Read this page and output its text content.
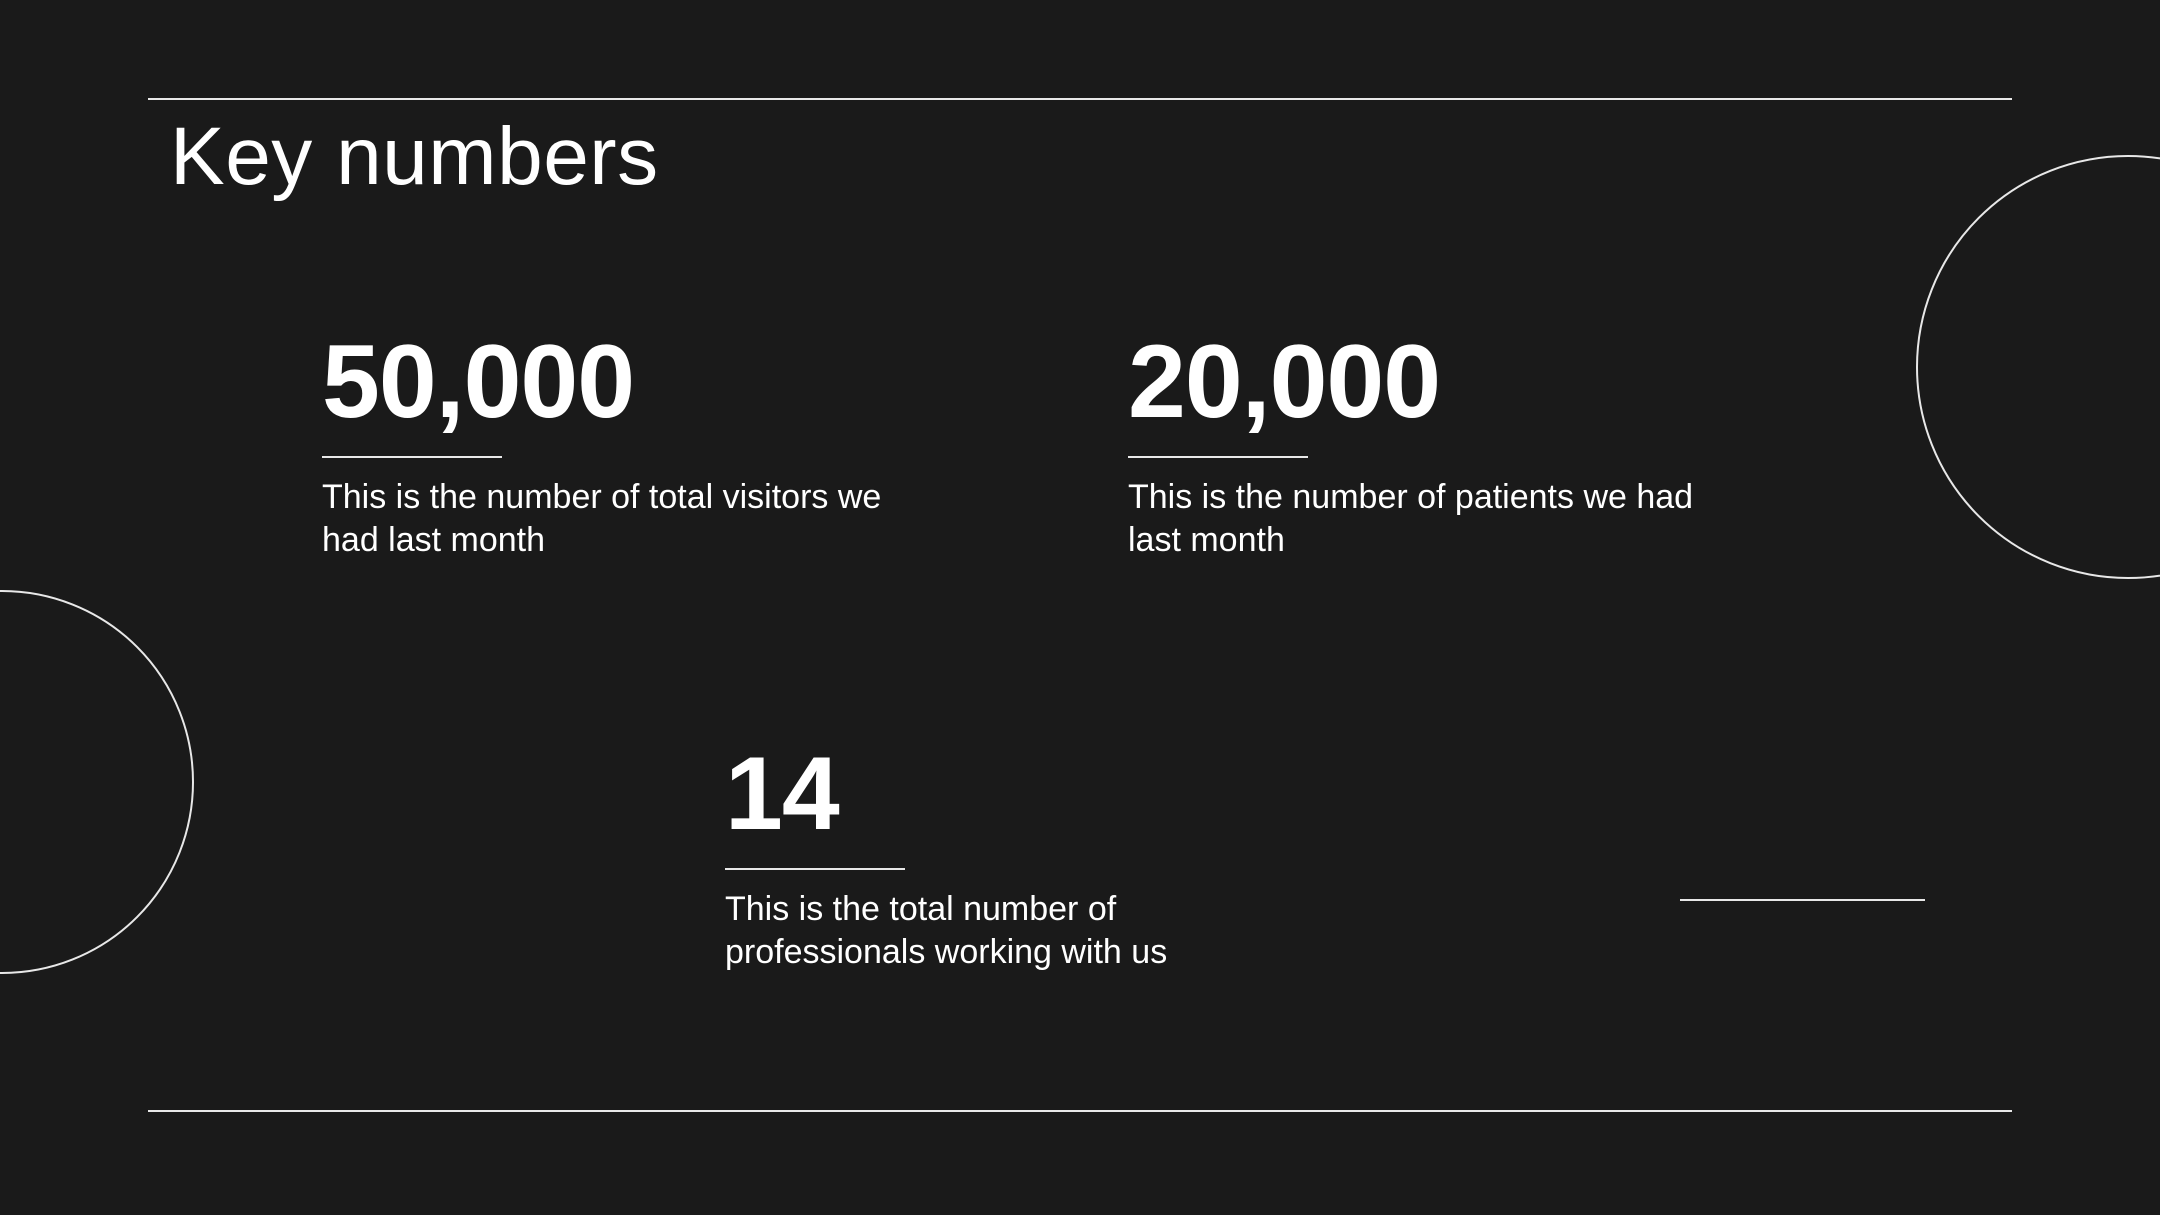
Key numbers
50,000
This is the number of total visitors we had last month
20,000
This is the number of patients we had last month
14
This is the total number of professionals working with us
